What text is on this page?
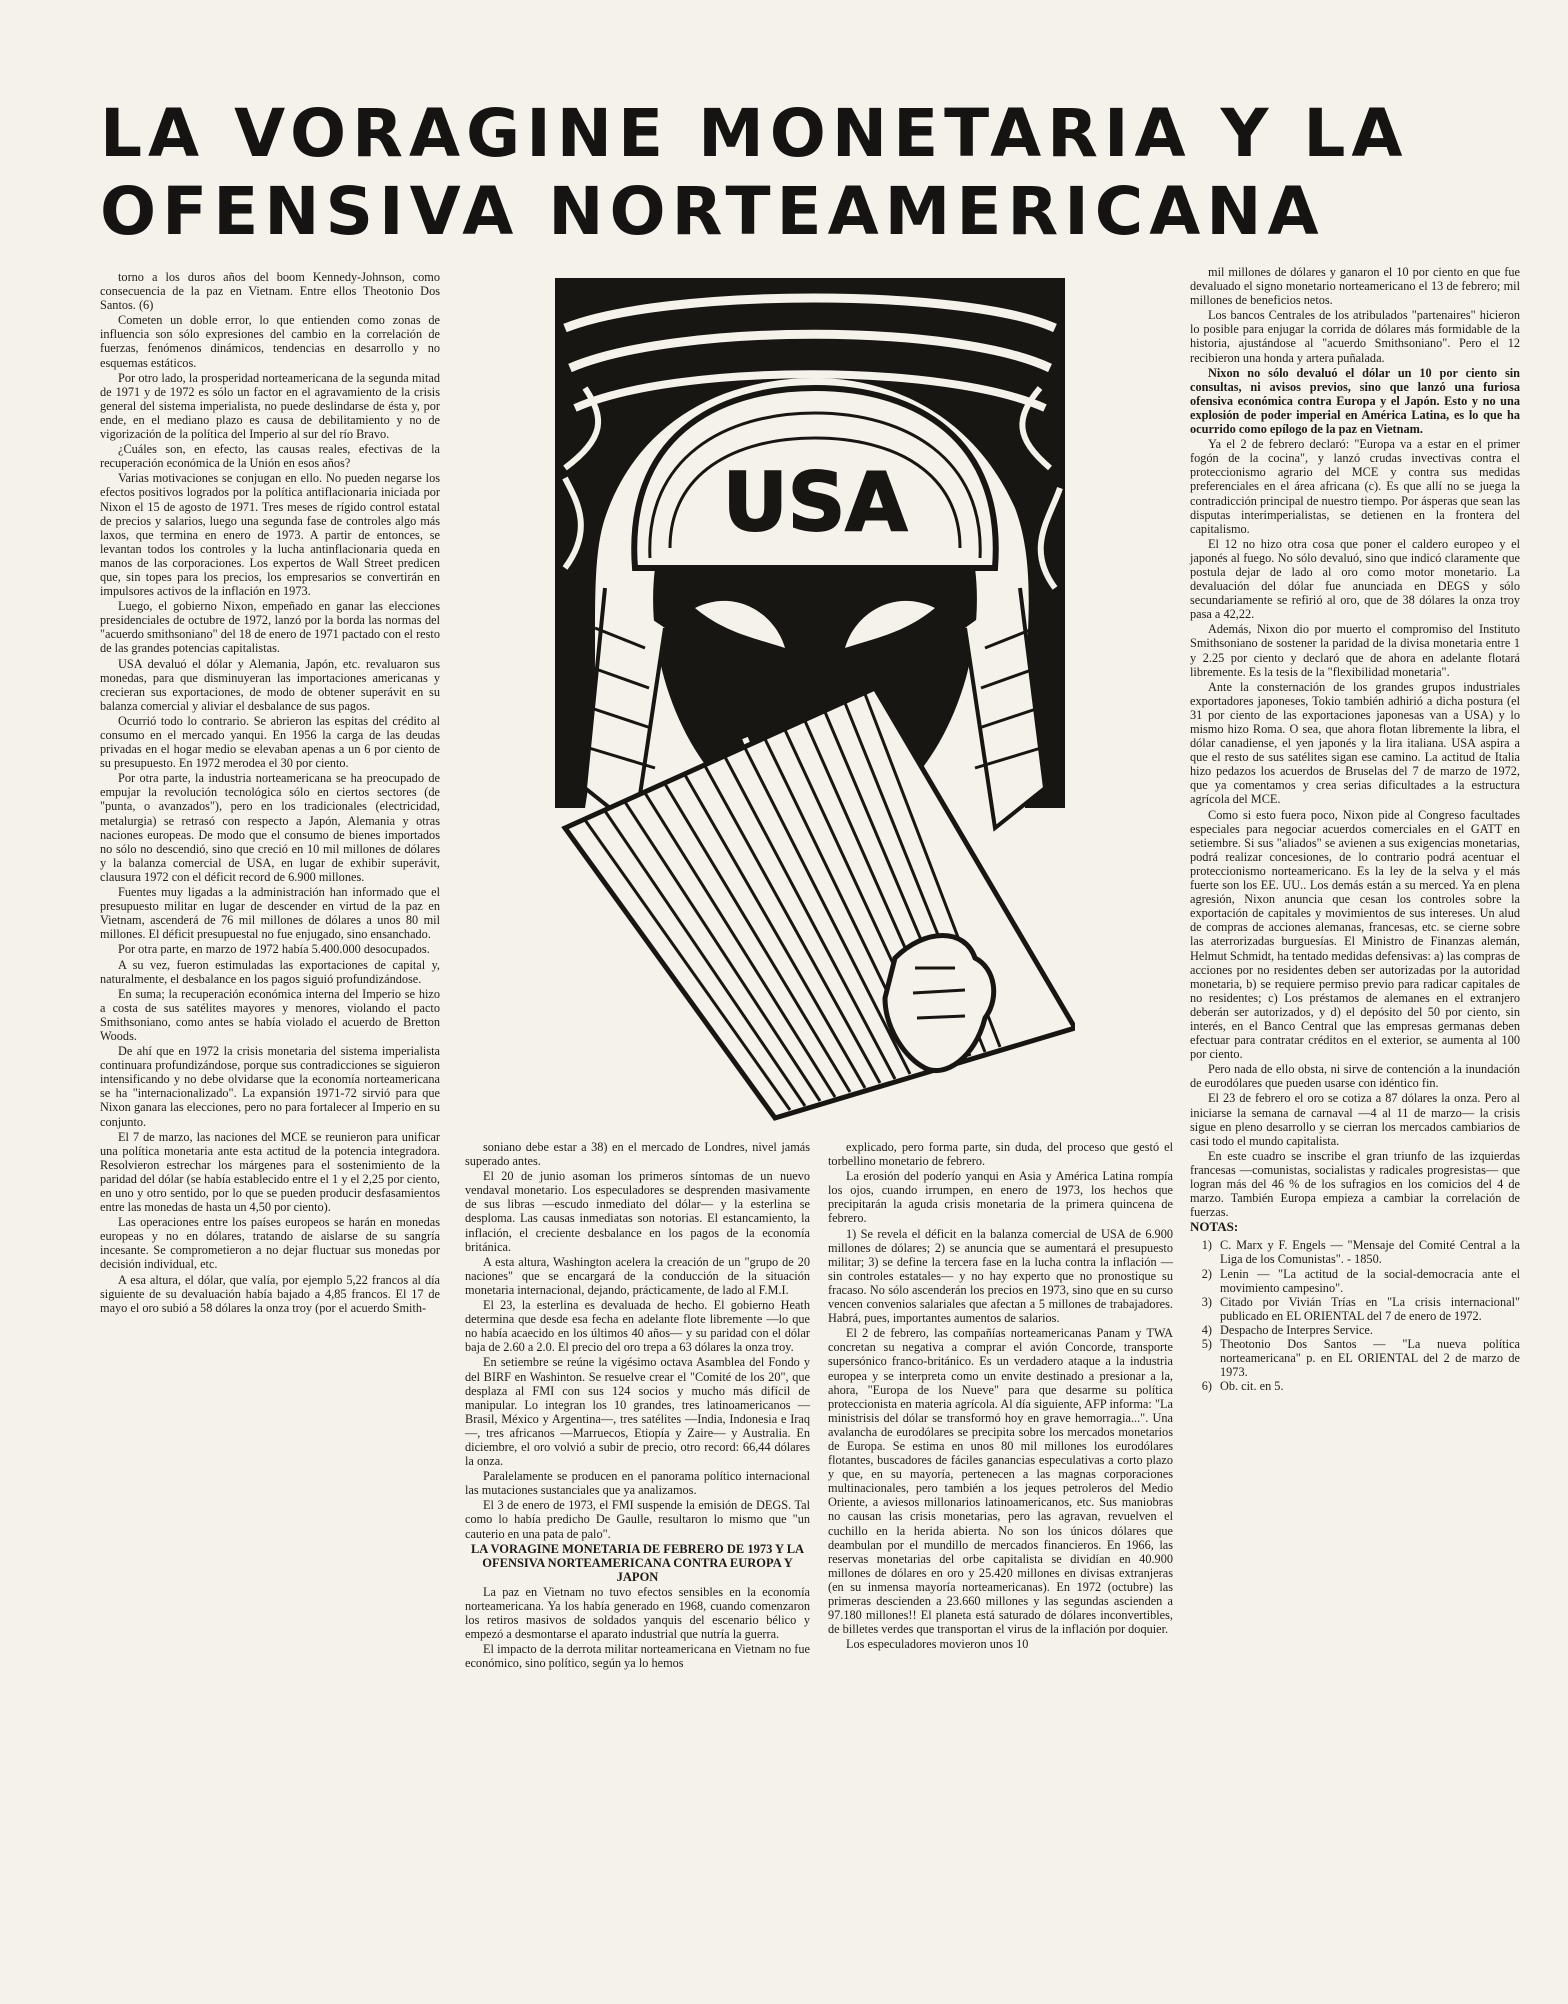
LA VORAGINE MONETARIA Y LA
OFENSIVA NORTEAMERICANA

torno a los duros años del boom Kennedy-Johnson, como consecuencia de la paz en Vietnam. Entre ellos Theotonio Dos Santos. (6)

Cometen un doble error, lo que entienden como zonas de influencia son sólo expresiones del cambio en la correlación de fuerzas, fenómenos dinámicos, tendencias en desarrollo y no esquemas estáticos.

Por otro lado, la prosperidad norteamericana de la segunda mitad de 1971 y de 1972 es sólo un factor en el agravamiento de la crisis general del sistema imperialista, no puede deslindarse de ésta y, por ende, en el mediano plazo es causa de debilitamiento y no de vigorización de la política del Imperio al sur del río Bravo.

¿Cuáles son, en efecto, las causas reales, efectivas de la recuperación económica de la Unión en esos años?

Varias motivaciones se conjugan en ello. No pueden negarse los efectos positivos logrados por la política antiflacionaria iniciada por Nixon el 15 de agosto de 1971. Tres meses de rígido control estatal de precios y salarios, luego una segunda fase de controles algo más laxos, que termina en enero de 1973. A partir de entonces, se levantan todos los controles y la lucha antinflacionaria queda en manos de las corporaciones. Los expertos de Wall Street predicen que, sin topes para los precios, los empresarios se convertirán en impulsores activos de la inflación en 1973.

Luego, el gobierno Nixon, empeñado en ganar las elecciones presidenciales de octubre de 1972, lanzó por la borda las normas del "acuerdo smithsoniano" del 18 de enero de 1971 pactado con el resto de las grandes potencias capitalistas.

USA devaluó el dólar y Alemania, Japón, etc. revaluaron sus monedas, para que disminuyeran las importaciones americanas y crecieran sus exportaciones, de modo de obtener superávit en su balanza comercial y aliviar el desbalance de sus pagos.

Ocurrió todo lo contrario. Se abrieron las espitas del crédito al consumo en el mercado yanqui. En 1956 la carga de las deudas privadas en el hogar medio se elevaban apenas a un 6 por ciento de su presupuesto. En 1972 merodea el 30 por ciento.

Por otra parte, la industria norteamericana se ha preocupado de empujar la revolución tecnológica sólo en ciertos sectores (de "punta, o avanzados"), pero en los tradicionales (electricidad, metalurgia) se retrasó con respecto a Japón, Alemania y otras naciones europeas. De modo que el consumo de bienes importados no sólo no descendió, sino que creció en 10 mil millones de dólares y la balanza comercial de USA, en lugar de exhibir superávit, clausura 1972 con el déficit record de 6.900 millones.

Fuentes muy ligadas a la administración han informado que el presupuesto militar en lugar de descender en virtud de la paz en Vietnam, ascenderá de 76 mil millones de dólares a unos 80 mil millones. El déficit presupuestal no fue enjugado, sino ensanchado.

Por otra parte, en marzo de 1972 había 5.400.000 desocupados.

A su vez, fueron estimuladas las exportaciones de capital y, naturalmente, el desbalance en los pagos siguió profundizándose.

En suma; la recuperación económica interna del Imperio se hizo a costa de sus satélites mayores y menores, violando el pacto Smithsoniano, como antes se había violado el acuerdo de Bretton Woods.

De ahí que en 1972 la crisis monetaria del sistema imperialista continuara profundizándose, porque sus contradicciones se siguieron intensificando y no debe olvidarse que la economía norteamericana se ha "internacionalizado". La expansión 1971-72 sirvió para que Nixon ganara las elecciones, pero no para fortalecer al Imperio en su conjunto.

El 7 de marzo, las naciones del MCE se reunieron para unificar una política monetaria ante esta actitud de la potencia integradora. Resolvieron estrechar los márgenes para el sostenimiento de la paridad del dólar (se había establecido entre el 1 y el 2,25 por ciento, en uno y otro sentido, por lo que se pueden producir desfasamientos entre las monedas de hasta un 4,50 por ciento).

Las operaciones entre los países europeos se harán en monedas europeas y no en dólares, tratando de aislarse de su sangría incesante. Se comprometieron a no dejar fluctuar sus monedas por decisión individual, etc.

A esa altura, el dólar, que valía, por ejemplo 5,22 francos al día siguiente de su devaluación había bajado a 4,85 francos. El 17 de mayo el oro subió a 58 dólares la onza troy (por el acuerdo Smith-

USA

soniano debe estar a 38) en el mercado de Londres, nivel jamás superado antes.

El 20 de junio asoman los primeros síntomas de un nuevo vendaval monetario. Los especuladores se desprenden masivamente de sus libras —escudo inmediato del dólar— y la esterlina se desploma. Las causas inmediatas son notorias. El estancamiento, la inflación, el creciente desbalance en los pagos de la economía británica.

A esta altura, Washington acelera la creación de un "grupo de 20 naciones" que se encargará de la conducción de la situación monetaria internacional, dejando, prácticamente, de lado al F.M.I.

El 23, la esterlina es devaluada de hecho. El gobierno Heath determina que desde esa fecha en adelante flote libremente —lo que no había acaecido en los últimos 40 años— y su paridad con el dólar baja de 2.60 a 2.0. El precio del oro trepa a 63 dólares la onza troy.

En setiembre se reúne la vigésimo octava Asamblea del Fondo y del BIRF en Washinton. Se resuelve crear el "Comité de los 20", que desplaza al FMI con sus 124 socios y mucho más difícil de manipular. Lo integran los 10 grandes, tres latinoamericanos —Brasil, México y Argentina—, tres satélites —India, Indonesia e Iraq—, tres africanos —Marruecos, Etiopía y Zaire— y Australia. En diciembre, el oro volvió a subir de precio, otro record: 66,44 dólares la onza.

Paralelamente se producen en el panorama político internacional las mutaciones sustanciales que ya analizamos.

El 3 de enero de 1973, el FMI suspende la emisión de DEGS. Tal como lo había predicho De Gaulle, resultaron lo mismo que "un cauterio en una pata de palo".

LA VORAGINE MONETARIA DE FEBRERO DE 1973 Y LA OFENSIVA NORTEAMERICANA CONTRA EUROPA Y JAPON

La paz en Vietnam no tuvo efectos sensibles en la economía norteamericana. Ya los había generado en 1968, cuando comenzaron los retiros masivos de soldados yanquis del escenario bélico y empezó a desmontarse el aparato industrial que nutría la guerra.

El impacto de la derrota militar norteamericana en Vietnam no fue económico, sino político, según ya lo hemos

explicado, pero forma parte, sin duda, del proceso que gestó el torbellino monetario de febrero.

La erosión del poderío yanqui en Asia y América Latina rompía los ojos, cuando irrumpen, en enero de 1973, los hechos que precipitarán la aguda crisis monetaria de la primera quincena de febrero.

1) Se revela el déficit en la balanza comercial de USA de 6.900 millones de dólares; 2) se anuncia que se aumentará el presupuesto militar; 3) se define la tercera fase en la lucha contra la inflación —sin controles estatales— y no hay experto que no pronostique su fracaso. No sólo ascenderán los precios en 1973, sino que en su curso vencen convenios salariales que afectan a 5 millones de trabajadores. Habrá, pues, importantes aumentos de salarios.

El 2 de febrero, las compañías norteamericanas Panam y TWA concretan su negativa a comprar el avión Concorde, transporte supersónico franco-británico. Es un verdadero ataque a la industria europea y se interpreta como un envite destinado a presionar a la, ahora, "Europa de los Nueve" para que desarme su política proteccionista en materia agrícola. Al día siguiente, AFP informa: "La ministrisis del dólar se transformó hoy en grave hemorragia...". Una avalancha de eurodólares se precipita sobre los mercados monetarios de Europa. Se estima en unos 80 mil millones los eurodólares flotantes, buscadores de fáciles ganancias especulativas a corto plazo y que, en su mayoría, pertenecen a las magnas corporaciones multinacionales, pero también a los jeques petroleros del Medio Oriente, a aviesos millonarios latinoamericanos, etc. Sus maniobras no causan las crisis monetarias, pero las agravan, revuelven el cuchillo en la herida abierta. No son los únicos dólares que deambulan por el mundillo de mercados financieros. En 1966, las reservas monetarias del orbe capitalista se dividían en 40.900 millones de dólares en oro y 25.420 millones en divisas extranjeras (en su inmensa mayoría norteamericanas). En 1972 (octubre) las primeras descienden a 23.660 millones y las segundas ascienden a 97.180 millones!! El planeta está saturado de dólares inconvertibles, de billetes verdes que transportan el virus de la inflación por doquier.

Los especuladores movieron unos 10

mil millones de dólares y ganaron el 10 por ciento en que fue devaluado el signo monetario norteamericano el 13 de febrero; mil millones de beneficios netos.

Los bancos Centrales de los atribulados "partenaires" hicieron lo posible para enjugar la corrida de dólares más formidable de la historia, ajustándose al "acuerdo Smithsoniano". Pero el 12 recibieron una honda y artera puñalada.

Nixon no sólo devaluó el dólar un 10 por ciento sin consultas, ni avisos previos, sino que lanzó una furiosa ofensiva económica contra Europa y el Japón. Esto y no una explosión de poder imperial en América Latina, es lo que ha ocurrido como epílogo de la paz en Vietnam.

Ya el 2 de febrero declaró: "Europa va a estar en el primer fogón de la cocina", y lanzó crudas invectivas contra el proteccionismo agrario del MCE y contra sus medidas preferenciales en el área africana (c). Es que allí no se juega la contradicción principal de nuestro tiempo. Por ásperas que sean las disputas interimperialistas, se detienen en la frontera del capitalismo.

El 12 no hizo otra cosa que poner el caldero europeo y el japonés al fuego. No sólo devaluó, sino que indicó claramente que postula dejar de lado al oro como motor monetario. La devaluación del dólar fue anunciada en DEGS y sólo secundariamente se refirió al oro, que de 38 dólares la onza troy pasa a 42,22.

Además, Nixon dio por muerto el compromiso del Instituto Smithsoniano de sostener la paridad de la divisa monetaria entre 1 y 2.25 por ciento y declaró que de ahora en adelante flotará libremente. Es la tesis de la "flexibilidad monetaria".

Ante la consternación de los grandes grupos industriales exportadores japoneses, Tokio también adhirió a dicha postura (el 31 por ciento de las exportaciones japonesas van a USA) y lo mismo hizo Roma. O sea, que ahora flotan libremente la libra, el dólar canadiense, el yen japonés y la lira italiana. USA aspira a que el resto de sus satélites sigan ese camino. La actitud de Italia hizo pedazos los acuerdos de Bruselas del 7 de marzo de 1972, que ya comentamos y crea serias dificultades a la estructura agrícola del MCE.

Como si esto fuera poco, Nixon pide al Congreso facultades especiales para negociar acuerdos comerciales en el GATT en setiembre. Si sus "aliados" se avienen a sus exigencias monetarias, podrá realizar concesiones, de lo contrario podrá acentuar el proteccionismo norteamericano. Es la ley de la selva y el más fuerte son los EE. UU.. Los demás están a su merced. Ya en plena agresión, Nixon anuncia que cesan los controles sobre la exportación de capitales y movimientos de sus intereses. Un alud de compras de acciones alemanas, francesas, etc. se cierne sobre las aterrorizadas burguesías. El Ministro de Finanzas alemán, Helmut Schmidt, ha tentado medidas defensivas: a) las compras de acciones por no residentes deben ser autorizadas por la autoridad monetaria, b) se requiere permiso previo para radicar capitales de no residentes; c) Los préstamos de alemanes en el extranjero deberán ser autorizados, y d) el depósito del 50 por ciento, sin interés, en el Banco Central que las empresas germanas deben efectuar para contratar créditos en el exterior, se aumenta al 100 por ciento.

Pero nada de ello obsta, ni sirve de contención a la inundación de eurodólares que pueden usarse con idéntico fin.

El 23 de febrero el oro se cotiza a 87 dólares la onza. Pero al iniciarse la semana de carnaval —4 al 11 de marzo— la crisis sigue en pleno desarrollo y se cierran los mercados cambiarios de casi todo el mundo capitalista.

En este cuadro se inscribe el gran triunfo de las izquierdas francesas —comunistas, socialistas y radicales progresistas— que logran más del 46 % de los sufragios en los comicios del 4 de marzo. También Europa empieza a cambiar la correlación de fuerzas.

NOTAS:

1) C. Marx y F. Engels — "Mensaje del Comité Central a la Liga de los Comunistas". - 1850.
2) Lenin — "La actitud de la social-democracia ante el movimiento campesino".
3) Citado por Vivián Trías en "La crisis internacional" publicado en EL ORIENTAL del 7 de enero de 1972.
4) Despacho de Interpres Service.
5) Theotonio Dos Santos — "La nueva política norteamericana" p. en EL ORIENTAL del 2 de marzo de 1973.
6) Ob. cit. en 5.
